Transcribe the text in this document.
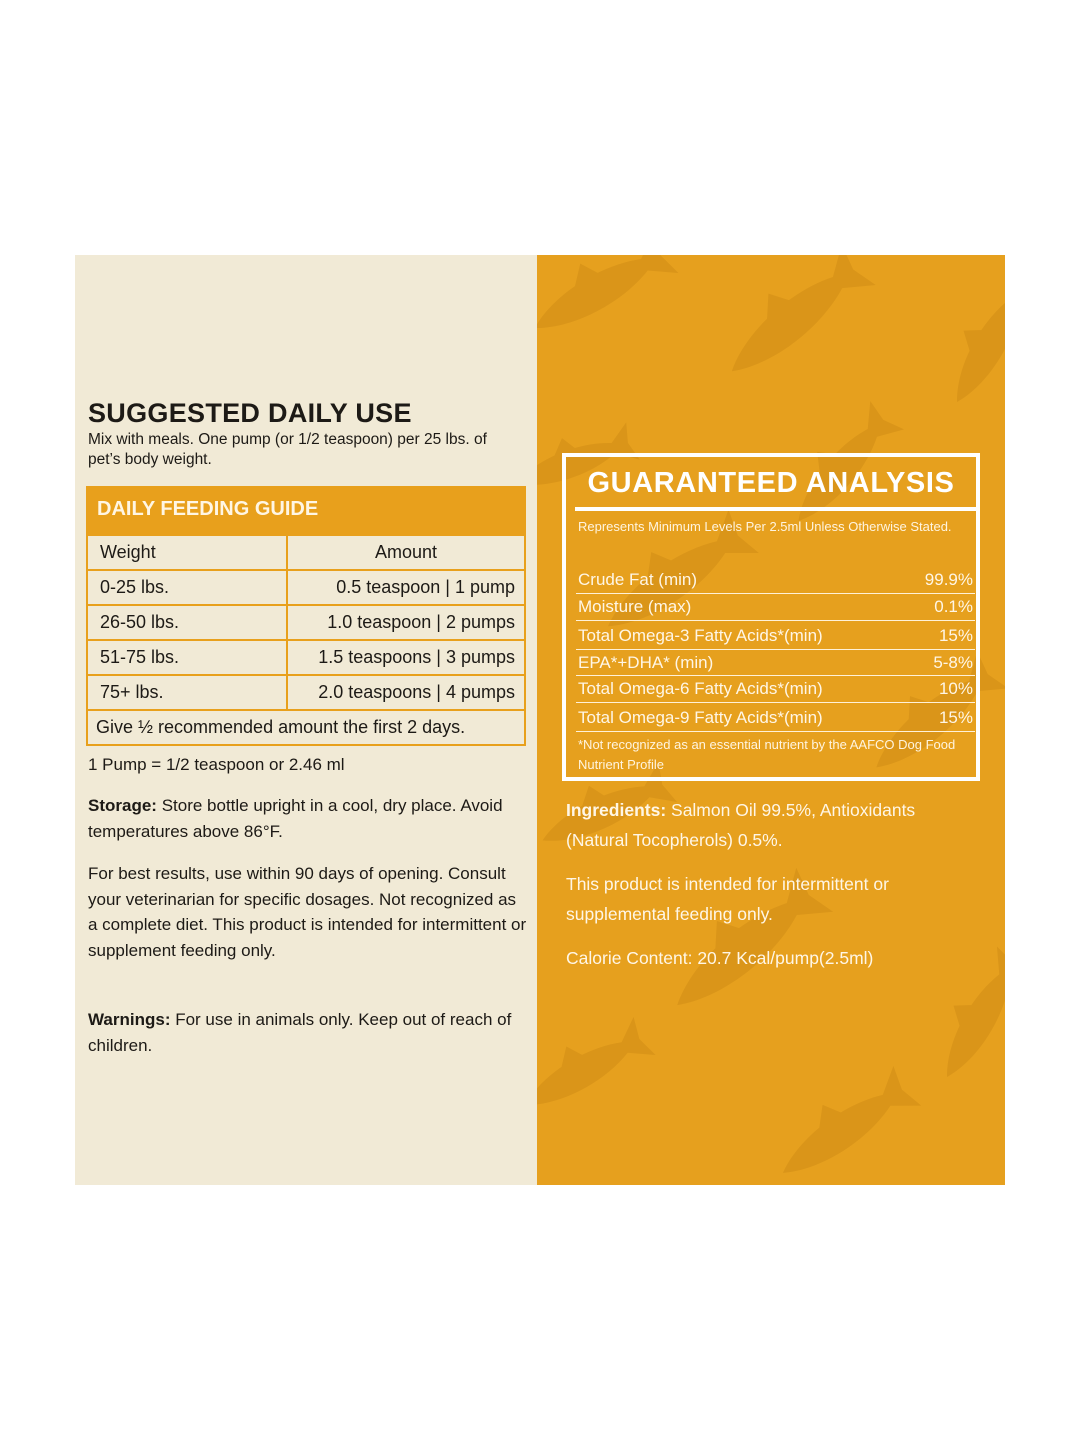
SUGGESTED DAILY USE
Mix with meals. One pump (or 1/2 teaspoon) per 25 lbs. of pet’s body weight.
DAILY FEEDING GUIDE
Weight	Amount
0-25 lbs.	0.5 teaspoon | 1 pump
26-50 lbs.	1.0 teaspoon | 2 pumps
51-75 lbs.	1.5 teaspoons | 3 pumps
75+ lbs.	2.0 teaspoons | 4 pumps
Give ½ recommended amount the first 2 days.
1 Pump = 1/2 teaspoon or 2.46 ml
Storage: Store bottle upright in a cool, dry place. Avoid temperatures above 86°F.
For best results, use within 90 days of opening. Consult your veterinarian for specific dosages. Not recognized as a complete diet. This product is intended for intermittent or supplement feeding only.
Warnings: For use in animals only. Keep out of reach of children.
GUARANTEED ANALYSIS
Represents Minimum Levels Per 2.5ml Unless Otherwise Stated.
Crude Fat (min)	99.9%
Moisture (max)	0.1%
Total Omega-3 Fatty Acids*(min)	15%
EPA*+DHA* (min)	5-8%
Total Omega-6 Fatty Acids*(min)	10%
Total Omega-9 Fatty Acids*(min)	15%
*Not recognized as an essential nutrient by the AAFCO Dog Food Nutrient Profile
Ingredients: Salmon Oil 99.5%, Antioxidants (Natural Tocopherols) 0.5%.
This product is intended for intermittent or supplemental feeding only.
Calorie Content: 20.7 Kcal/pump(2.5ml)
